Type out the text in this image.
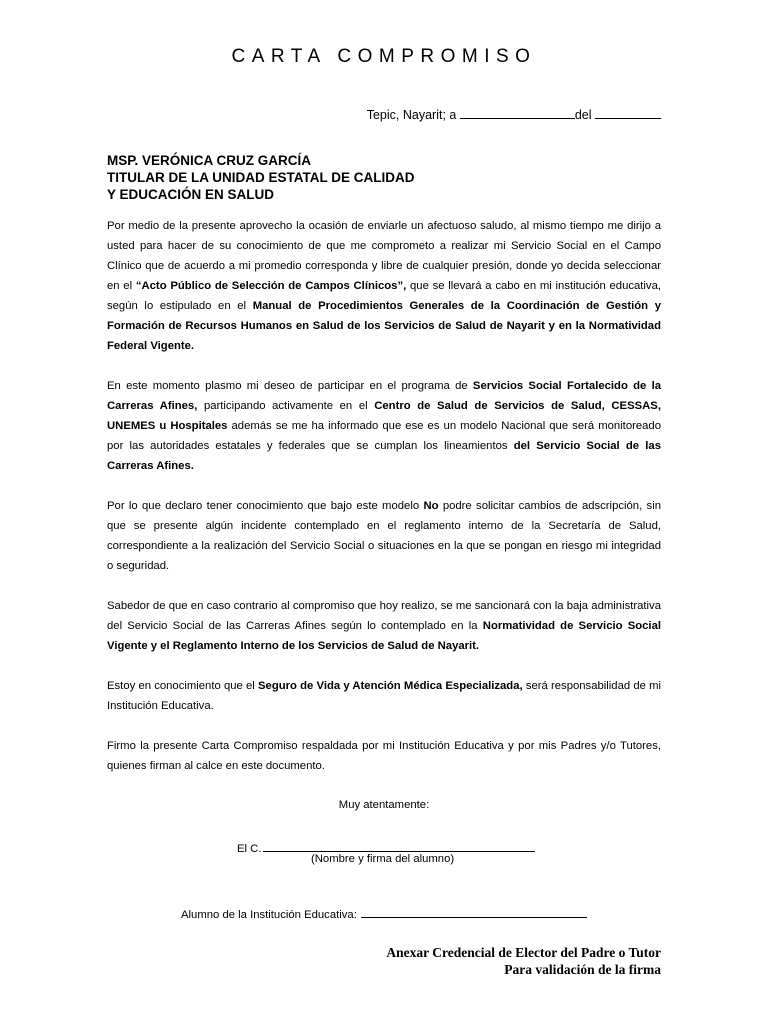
CARTA COMPROMISO
Tepic, Nayarit; a	del
MSP. VERÓNICA CRUZ GARCÍA
TITULAR DE LA UNIDAD ESTATAL DE CALIDAD
Y EDUCACIÓN EN SALUD

Por medio de la presente aprovecho la ocasión de enviarle un afectuoso saludo, al mismo tiempo me dirijo a usted para hacer de su conocimiento de que me comprometo a realizar mi Servicio Social en el Campo Clínico que de acuerdo a mi promedio corresponda y libre de cualquier presión, donde yo decida seleccionar en el “Acto Público de Selección de Campos Clínicos”, que se llevará a cabo en mi institución educativa, según lo estipulado en el Manual de Procedimientos Generales de la Coordinación de Gestión y Formación de Recursos Humanos en Salud de los Servicios de Salud de Nayarit y en la Normatividad Federal Vigente.

En este momento plasmo mi deseo de participar en el programa de Servicios Social Fortalecido de la Carreras Afines, participando activamente en el Centro de Salud de Servicios de Salud, CESSAS, UNEMES u Hospitales además se me ha informado que ese es un modelo Nacional que será monitoreado por las autoridades estatales y federales que se cumplan los lineamientos del Servicio Social de las Carreras Afines.

Por lo que declaro tener conocimiento que bajo este modelo No podre solicitar cambios de adscripción, sin que se presente algún incidente contemplado en el reglamento interno de la Secretaría de Salud, correspondiente a la realización del Servicio Social o situaciones en la que se pongan en riesgo mi integridad o seguridad.

Sabedor de que en caso contrario al compromiso que hoy realizo, se me sancionará con la baja administrativa del Servicio Social de las Carreras Afines según lo contemplado en la Normatividad de Servicio Social Vigente y el Reglamento Interno de los Servicios de Salud de Nayarit.

Estoy en conocimiento que el Seguro de Vida y Atención Médica Especializada, será responsabilidad de mi Institución Educativa.

Firmo la presente Carta Compromiso respaldada por mi Institución Educativa y por mis Padres y/o Tutores, quienes firman al calce en este documento.

Muy atentamente:
El C.
(Nombre y firma del alumno)
Alumno de la Institución Educativa:
Anexar Credencial de Elector del Padre o Tutor
Para validación de la firma
